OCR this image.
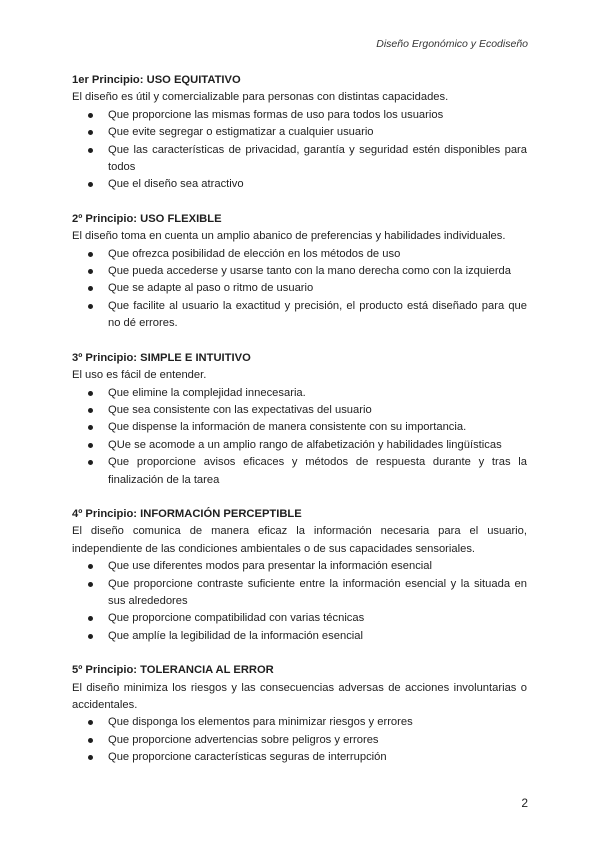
Diseño Ergonómico y Ecodiseño
1er Principio: USO EQUITATIVO
El diseño es útil y comercializable para personas con distintas capacidades.
Que proporcione las mismas formas de uso para todos los usuarios
Que evite segregar o estigmatizar a cualquier usuario
Que las características de privacidad, garantía y seguridad estén disponibles para todos
Que el diseño sea atractivo
2º Principio: USO FLEXIBLE
El diseño toma en cuenta un amplio abanico de preferencias y habilidades individuales.
Que ofrezca posibilidad de elección en los métodos de uso
Que pueda accederse y usarse tanto con la mano derecha como con la izquierda
Que se adapte al paso o ritmo de usuario
Que facilite al usuario la exactitud y precisión, el producto está diseñado para que no dé errores.
3º Principio: SIMPLE E INTUITIVO
El uso es fácil de entender.
Que elimine la complejidad innecesaria.
Que sea consistente con las expectativas del usuario
Que dispense la información de manera consistente con su importancia.
QUe se acomode a un amplio rango de alfabetización y habilidades lingüísticas
Que proporcione avisos eficaces y métodos de respuesta durante y tras la finalización de la tarea
4º Principio: INFORMACIÓN PERCEPTIBLE
El diseño comunica de manera eficaz la información necesaria para el usuario, independiente de las condiciones ambientales o de sus capacidades sensoriales.
Que use diferentes modos para presentar la información esencial
Que proporcione contraste suficiente entre la información esencial y la situada en sus alrededores
Que proporcione compatibilidad con varias técnicas
Que amplíe la legibilidad de la información esencial
5º Principio: TOLERANCIA AL ERROR
El diseño minimiza los riesgos y las consecuencias adversas de acciones involuntarias o accidentales.
Que disponga los elementos para minimizar riesgos y errores
Que proporcione advertencias sobre peligros y errores
Que proporcione características seguras de interrupción
2
